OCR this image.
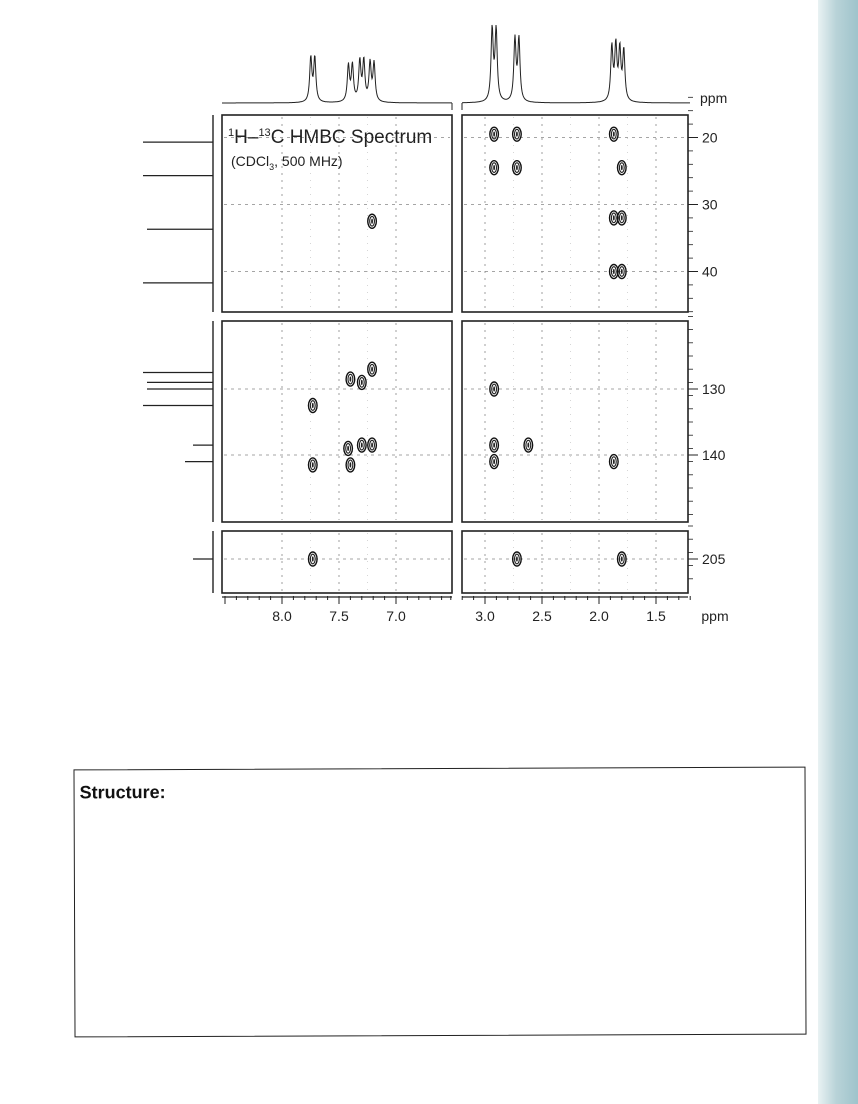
8.0	7.5	7.0	3.0	2.5	2.0	1.5	ppm
20
30
40
130
140
205
ppm
$^1$H–$^{13}$C HMBC Spectrum
(CDCl$_3$, 500 MHz)
Structure:
